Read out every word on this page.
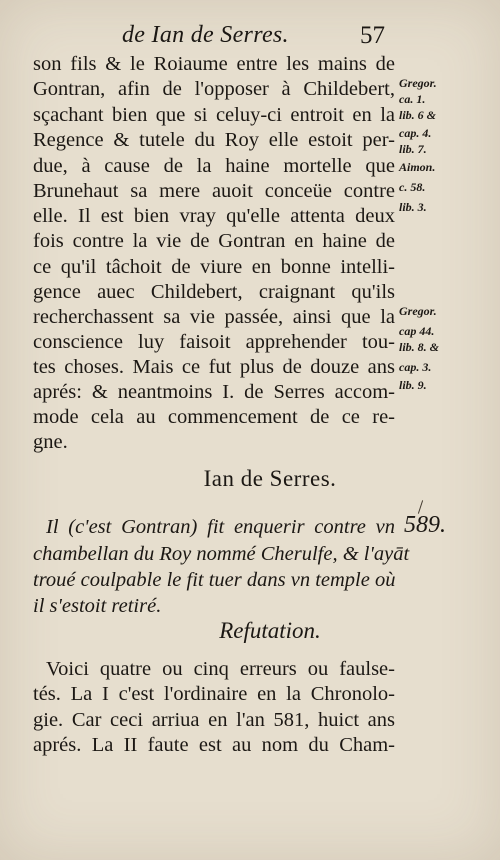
de Ian de Serres.	57
son fils & le Roiaume entre les mains de
Gontran, afin de l'opposer à Childebert,
sçachant bien que si celuy-ci entroit en la
Regence & tutele du Roy elle estoit per-
due, à cause de la haine mortelle que
Brunehaut sa mere auoit conceüe contre
elle. Il est bien vray qu'elle attenta deux
fois contre la vie de Gontran en haine de
ce qu'il tâchoit de viure en bonne intelli-
gence auec Childebert, craignant qu'ils
recherchassent sa vie passée, ainsi que la
conscience luy faisoit apprehender tou-
tes choses. Mais ce fut plus de douze ans
aprés: & neantmoins I. de Serres accom-
mode cela au commencement de ce re-
gne.
Gregor.
ca. 1.
lib. 6 &
cap. 4.
lib. 7.
Aimon.
c. 58.
lib. 3.
Gregor.
cap 44.
lib. 8. &
cap. 3.
lib. 9.
Ian de Serres.
589.
Il (c'est Gontran) fit enquerir contre vn
chambellan du Roy nommé Cherulfe, & l'ayāt
troué coulpable le fit tuer dans vn temple où
il s'estoit retiré.
Refutation.
Voici quatre ou cinq erreurs ou faulse-
tés. La I c'est l'ordinaire en la Chronolo-
gie. Car ceci arriua en l'an 581, huict ans
aprés. La II faute est au nom du Cham-
